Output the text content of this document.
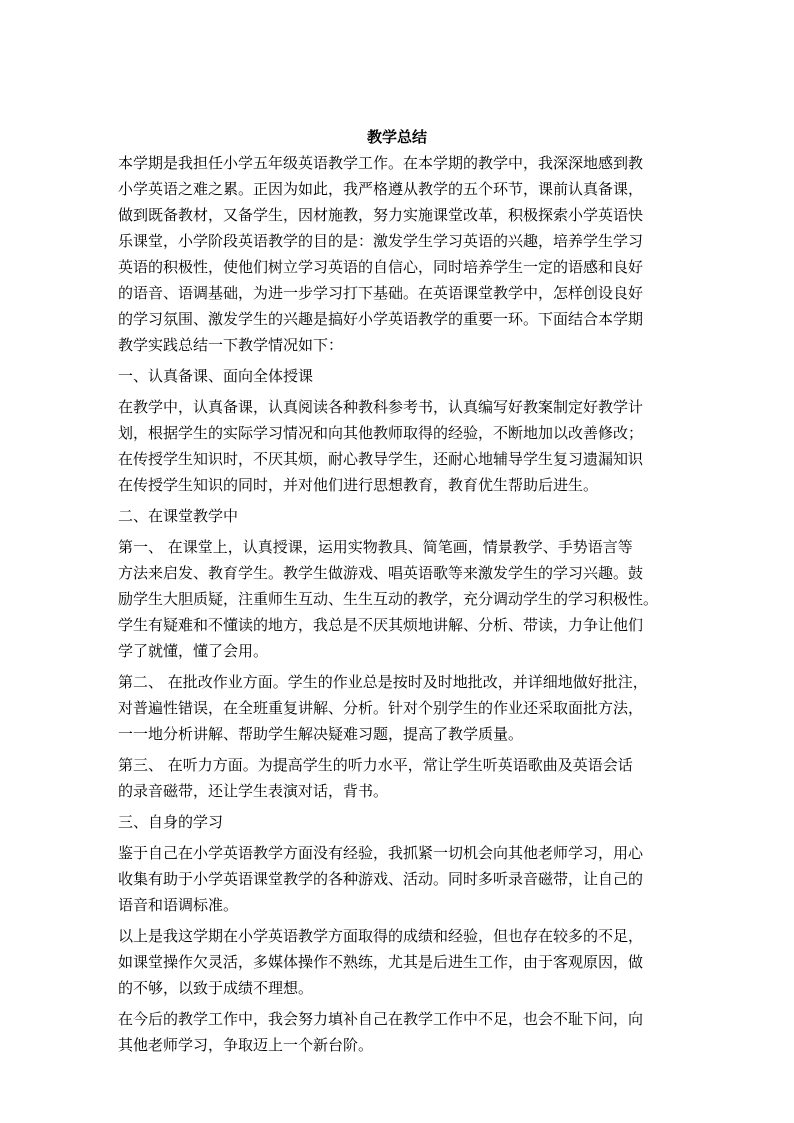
教学总结

本学期是我担任小学五年级英语教学工作。在本学期的教学中，我深深地感到教
小学英语之难之累。正因为如此，我严格遵从教学的五个环节，课前认真备课，
做到既备教材，又备学生，因材施教，努力实施课堂改革，积极探索小学英语快
乐课堂，小学阶段英语教学的目的是：激发学生学习英语的兴趣，培养学生学习
英语的积极性，使他们树立学习英语的自信心，同时培养学生一定的语感和良好
的语音、语调基础，为进一步学习打下基础。在英语课堂教学中，怎样创设良好
的学习氛围、激发学生的兴趣是搞好小学英语教学的重要一环。下面结合本学期
教学实践总结一下教学情况如下：

一、认真备课、面向全体授课

在教学中，认真备课，认真阅读各种教科参考书，认真编写好教案制定好教学计
划，根据学生的实际学习情况和向其他教师取得的经验，不断地加以改善修改；
在传授学生知识时，不厌其烦，耐心教导学生，还耐心地辅导学生复习遗漏知识
在传授学生知识的同时，并对他们进行思想教育，教育优生帮助后进生。

二、在课堂教学中

第一、 在课堂上，认真授课，运用实物教具、简笔画，情景教学、手势语言等
方法来启发、教育学生。教学生做游戏、唱英语歌等来激发学生的学习兴趣。鼓
励学生大胆质疑，注重师生互动、生生互动的教学，充分调动学生的学习积极性。
学生有疑难和不懂读的地方，我总是不厌其烦地讲解、分析、带读，力争让他们
学了就懂，懂了会用。

第二、 在批改作业方面。学生的作业总是按时及时地批改，并详细地做好批注，
对普遍性错误，在全班重复讲解、分析。针对个别学生的作业还采取面批方法，
一一地分析讲解、帮助学生解决疑难习题，提高了教学质量。

第三、 在听力方面。为提高学生的听力水平，常让学生听英语歌曲及英语会话
的录音磁带，还让学生表演对话，背书。

三、自身的学习

鉴于自己在小学英语教学方面没有经验，我抓紧一切机会向其他老师学习，用心
收集有助于小学英语课堂教学的各种游戏、活动。同时多听录音磁带，让自己的
语音和语调标准。

以上是我这学期在小学英语教学方面取得的成绩和经验，但也存在较多的不足，
如课堂操作欠灵活，多媒体操作不熟练，尤其是后进生工作，由于客观原因，做
的不够，以致于成绩不理想。

在今后的教学工作中，我会努力填补自己在教学工作中不足，也会不耻下问，向
其他老师学习，争取迈上一个新台阶。
